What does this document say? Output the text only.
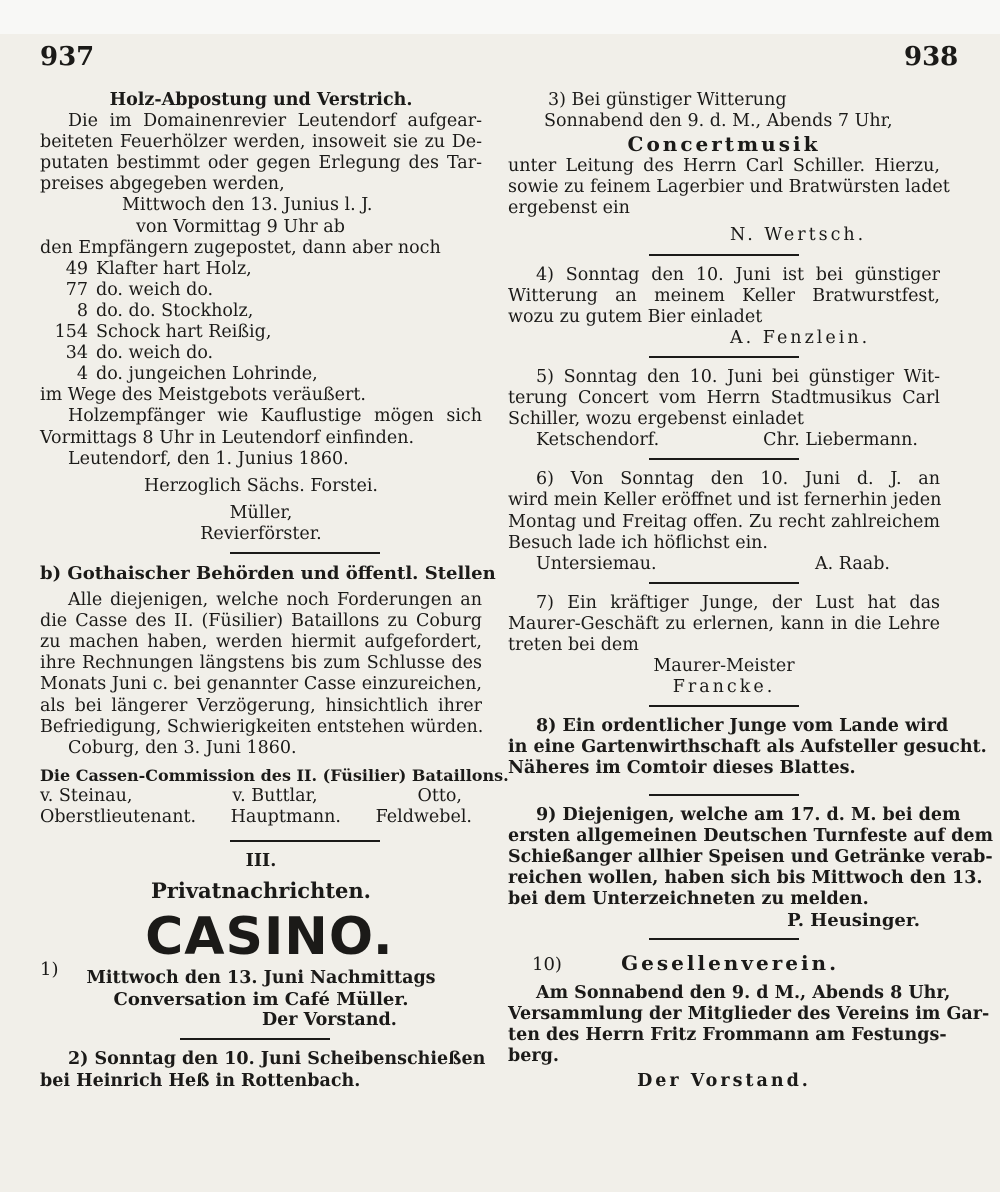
937	938
Holz-Abpostung und Verstrich.
Die im Domainenrevier Leutendorf aufgear-
beiteten Feuerhölzer werden, insoweit sie zu De-
putaten bestimmt oder gegen Erlegung des Tar-
preises abgegeben werden,
Mittwoch den 13. Junius l. J.
von Vormittag 9 Uhr ab
den Empfängern zugepostet, dann aber noch
49 Klafter hart Holz,
77 do. weich do.
8 do. do. Stockholz,
154 Schock hart Reißig,
34 do. weich do.
4 do. jungeichen Lohrinde,
im Wege des Meistgebots veräußert.
Holzempfänger wie Kauflustige mögen sich
Vormittags 8 Uhr in Leutendorf einfinden.
Leutendorf, den 1. Junius 1860.
Herzoglich Sächs. Forstei.
Müller,
Revierförster.
b) Gothaischer Behörden und öffentl. Stellen
Alle diejenigen, welche noch Forderungen an
die Casse des II. (Füsilier) Bataillons zu Coburg
zu machen haben, werden hiermit aufgefordert,
ihre Rechnungen längstens bis zum Schlusse des
Monats Juni c. bei genannter Casse einzureichen,
als bei längerer Verzögerung, hinsichtlich ihrer
Befriedigung, Schwierigkeiten entstehen würden.
Coburg, den 3. Juni 1860.
Die Cassen-Commission des II. (Füsilier) Bataillons.
v. Steinau,	v. Buttlar,	Otto,
Oberstlieutenant. Hauptmann. Feldwebel.
III.
Privatnachrichten.
1) CASINO.
Mittwoch den 13. Juni Nachmittags
Conversation im Café Müller.
Der Vorstand.
2) Sonntag den 10. Juni Scheibenschießen
bei Heinrich Heß in Rottenbach.
3) Bei günstiger Witterung
Sonnabend den 9. d. M., Abends 7 Uhr,
Concertmusik
unter Leitung des Herrn Carl Schiller. Hierzu,
sowie zu feinem Lagerbier und Bratwürsten ladet
ergebenst ein
N. Wertsch.
4) Sonntag den 10. Juni ist bei günstiger
Witterung an meinem Keller Bratwurstfest,
wozu zu gutem Bier einladet
A. Fenzlein.
5) Sonntag den 10. Juni bei günstiger Wit-
terung Concert vom Herrn Stadtmusikus Carl
Schiller, wozu ergebenst einladet
Ketschendorf.	Chr. Liebermann.
6) Von Sonntag den 10. Juni d. J. an
wird mein Keller eröffnet und ist fernerhin jeden
Montag und Freitag offen. Zu recht zahlreichem
Besuch lade ich höflichst ein.
Untersiemau.	A. Raab.
7) Ein kräftiger Junge, der Lust hat das
Maurer-Geschäft zu erlernen, kann in die Lehre
treten bei dem
Maurer-Meister
Francke.
8) Ein ordentlicher Junge vom Lande wird
in eine Gartenwirthschaft als Aufsteller gesucht.
Näheres im Comtoir dieses Blattes.
9) Diejenigen, welche am 17. d. M. bei dem
ersten allgemeinen Deutschen Turnfeste auf dem
Schießanger allhier Speisen und Getränke verab-
reichen wollen, haben sich bis Mittwoch den 13.
bei dem Unterzeichneten zu melden.
P. Heusinger.
10)	Gesellenverein.
Am Sonnabend den 9. d M., Abends 8 Uhr,
Versammlung der Mitglieder des Vereins im Gar-
ten des Herrn Fritz Frommann am Festungs-
berg.
Der Vorstand.
